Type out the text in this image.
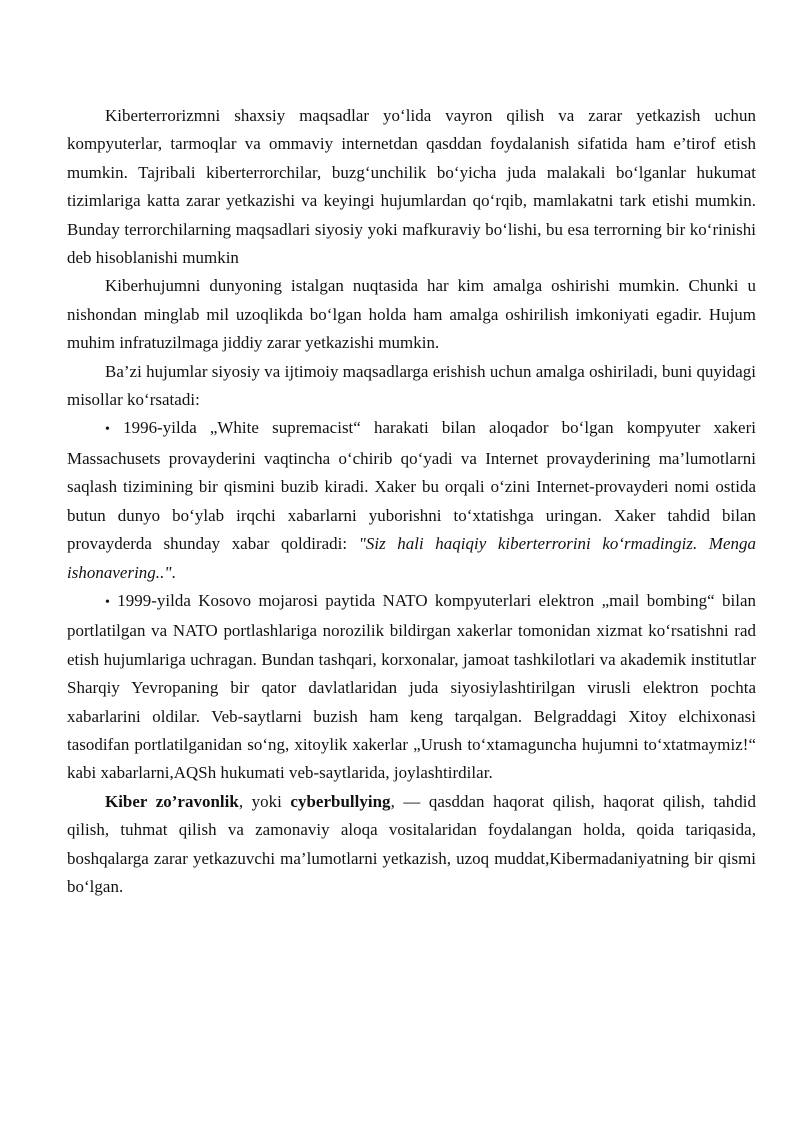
Kiberterrorizmni shaxsiy maqsadlar yo‘lida vayron qilish va zarar yetkazish uchun kompyuterlar, tarmoqlar va ommaviy internetdan qasddan foydalanish sifatida ham e’tirof etish mumkin. Tajribali kiberterrorchilar, buzg‘unchilik bo‘yicha juda malakali bo‘lganlar hukumat tizimlariga katta zarar yetkazishi va keyingi hujumlardan qo‘rqib, mamlakatni tark etishi mumkin. Bunday terrorchilarning maqsadlari siyosiy yoki mafkuraviy bo‘lishi, bu esa terrorning bir ko‘rinishi deb hisoblanishi mumkin

Kiberhujumni dunyoning istalgan nuqtasida har kim amalga oshirishi mumkin. Chunki u nishondan minglab mil uzoqlikda bo‘lgan holda ham amalga oshirilish imkoniyati egadir. Hujum muhim infratuzilmaga jiddiy zarar yetkazishi mumkin.

Ba’zi hujumlar siyosiy va ijtimoiy maqsadlarga erishish uchun amalga oshiriladi, buni quyidagi misollar ko‘rsatadi:

• 1996-yilda „White supremacist“ harakati bilan aloqador bo‘lgan kompyuter xakeri Massachusets provayderini vaqtincha o‘chirib qo‘yadi va Internet provayderining ma’lumotlarni saqlash tizimining bir qismini buzib kiradi. Xaker bu orqali o‘zini Internet-provayderi nomi ostida butun dunyo bo‘ylab irqchi xabarlarni yuborishni to‘xtatishga uringan. Xaker tahdid bilan provayderda shunday xabar qoldiradi: "Siz hali haqiqiy kiberterrorini ko‘rmadingiz. Menga ishonavering..".

• 1999-yilda Kosovo mojarosi paytida NATO kompyuterlari elektron „mail bombing“ bilan portlatilgan va NATO portlashlariga norozilik bildirgan xakerlar tomonidan xizmat ko‘rsatishni rad etish hujumlariga uchragan. Bundan tashqari, korxonalar, jamoat tashkilotlari va akademik institutlar Sharqiy Yevropaning bir qator davlatlaridan juda siyosiylashtirilgan virusli elektron pochta xabarlarini oldilar. Veb-saytlarni buzish ham keng tarqalgan. Belgraddagi Xitoy elchixonasi tasodifan portlatilganidan so‘ng, xitoylik xakerlar „Urush to‘xtamaguncha hujumni to‘xtatmaymiz!“ kabi xabarlarni,AQSh hukumati veb-saytlarida, joylashtirdilar.

Kiber zo’ravonlik, yoki cyberbullying, — qasddan haqorat qilish, haqorat qilish, tahdid qilish, tuhmat qilish va zamonaviy aloqa vositalaridan foydalangan holda, qoida tariqasida, boshqalarga zarar yetkazuvchi ma’lumotlarni yetkazish, uzoq muddat,Kibermadaniyatning bir qismi bo‘lgan.
